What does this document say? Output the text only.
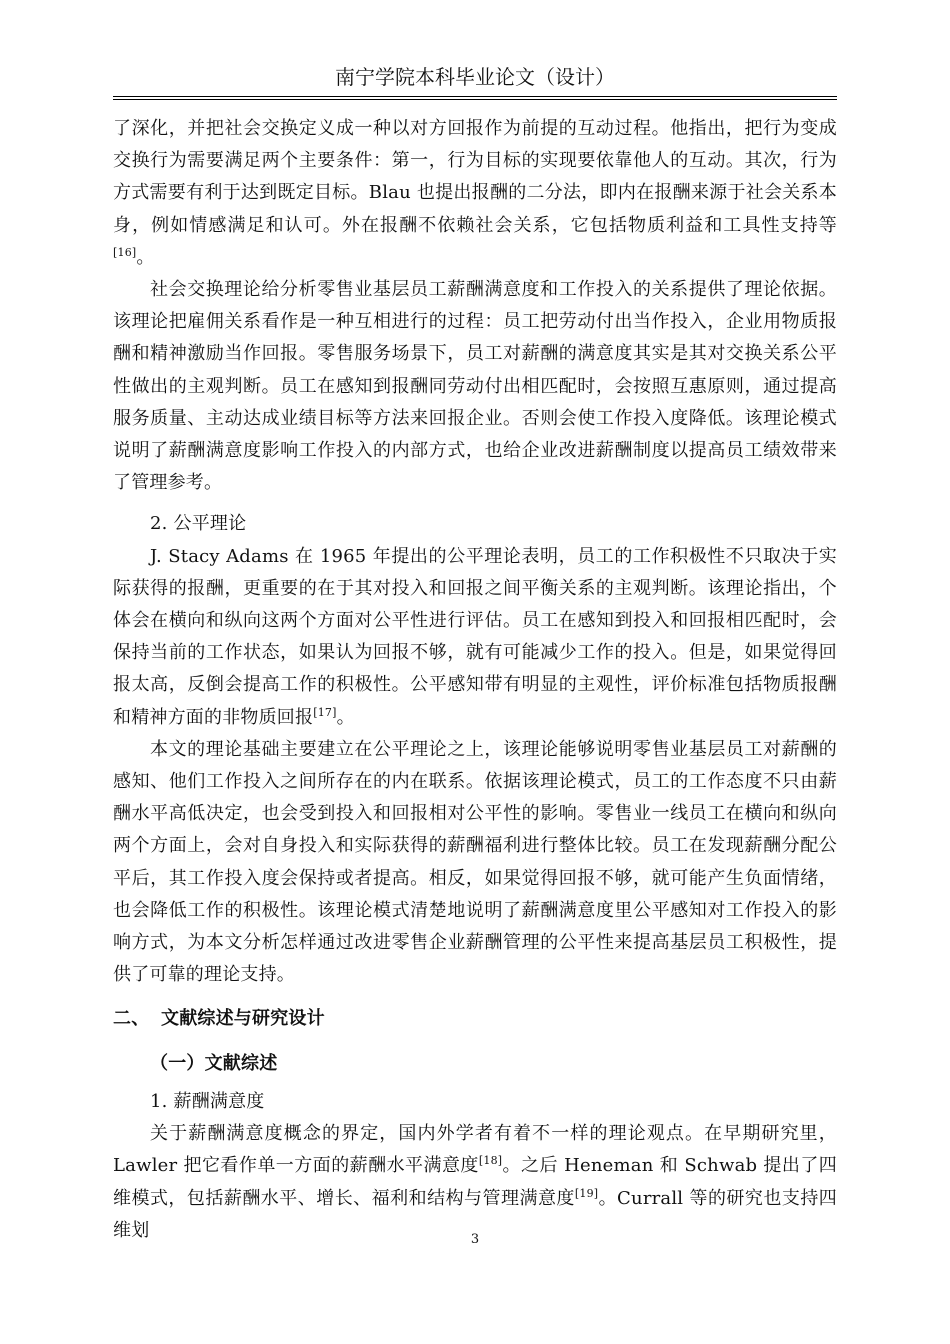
南宁学院本科毕业论文（设计）

了深化，并把社会交换定义成一种以对方回报作为前提的互动过程。他指出，把行为变成交换行为需要满足两个主要条件：第一，行为目标的实现要依靠他人的互动。其次，行为方式需要有利于达到既定目标。Blau 也提出报酬的二分法，即内在报酬来源于社会关系本身，例如情感满足和认可。外在报酬不依赖社会关系，它包括物质利益和工具性支持等[16]。

社会交换理论给分析零售业基层员工薪酬满意度和工作投入的关系提供了理论依据。该理论把雇佣关系看作是一种互相进行的过程：员工把劳动付出当作投入，企业用物质报酬和精神激励当作回报。零售服务场景下，员工对薪酬的满意度其实是其对交换关系公平性做出的主观判断。员工在感知到报酬同劳动付出相匹配时，会按照互惠原则，通过提高服务质量、主动达成业绩目标等方法来回报企业。否则会使工作投入度降低。该理论模式说明了薪酬满意度影响工作投入的内部方式，也给企业改进薪酬制度以提高员工绩效带来了管理参考。

2. 公平理论

J. Stacy Adams 在 1965 年提出的公平理论表明，员工的工作积极性不只取决于实际获得的报酬，更重要的在于其对投入和回报之间平衡关系的主观判断。该理论指出，个体会在横向和纵向这两个方面对公平性进行评估。员工在感知到投入和回报相匹配时，会保持当前的工作状态，如果认为回报不够，就有可能减少工作的投入。但是，如果觉得回报太高，反倒会提高工作的积极性。公平感知带有明显的主观性，评价标准包括物质报酬和精神方面的非物质回报[17]。

本文的理论基础主要建立在公平理论之上，该理论能够说明零售业基层员工对薪酬的感知、他们工作投入之间所存在的内在联系。依据该理论模式，员工的工作态度不只由薪酬水平高低决定，也会受到投入和回报相对公平性的影响。零售业一线员工在横向和纵向两个方面上，会对自身投入和实际获得的薪酬福利进行整体比较。员工在发现薪酬分配公平后，其工作投入度会保持或者提高。相反，如果觉得回报不够，就可能产生负面情绪，也会降低工作的积极性。该理论模式清楚地说明了薪酬满意度里公平感知对工作投入的影响方式，为本文分析怎样通过改进零售企业薪酬管理的公平性来提高基层员工积极性，提供了可靠的理论支持。

二、 文献综述与研究设计
（一）文献综述

1. 薪酬满意度

关于薪酬满意度概念的界定，国内外学者有着不一样的理论观点。在早期研究里，Lawler 把它看作单一方面的薪酬水平满意度[18]。之后 Heneman 和 Schwab 提出了四维模式，包括薪酬水平、增长、福利和结构与管理满意度[19]。Currall 等的研究也支持四维划	3
